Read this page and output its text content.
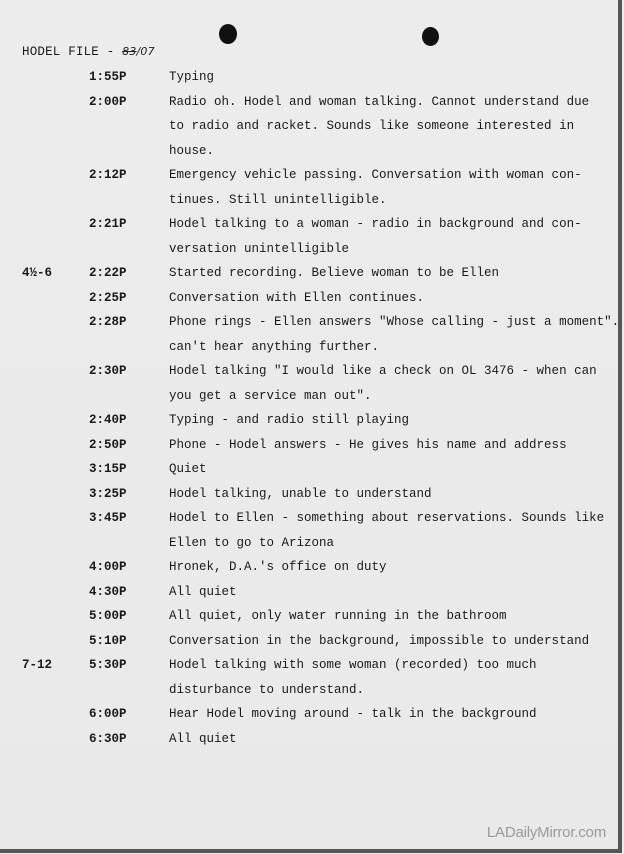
HODEL FILE - 83/07
1:55P	Typing
2:00P	Radio oh. Hodel and woman talking. Cannot understand due
to radio and racket. Sounds like someone interested in
house.
2:12P	Emergency vehicle passing. Conversation with woman con-
tinues. Still unintelligible.
2:21P	Hodel talking to a woman - radio in background and con-
versation unintelligible
4½-6	2:22P	Started recording. Believe woman to be Ellen
2:25P	Conversation with Ellen continues.
2:28P	Phone rings - Ellen answers "Whose calling - just a moment".
can't hear anything further.
2:30P	Hodel talking "I would like a check on OL 3476 - when can
you get a service man out".
2:40P	Typing - and radio still playing
2:50P	Phone - Hodel answers - He gives his name and address
3:15P	Quiet
3:25P	Hodel talking, unable to understand
3:45P	Hodel to Ellen - something about reservations. Sounds like
Ellen to go to Arizona
4:00P	Hronek, D.A.'s office on duty
4:30P	All quiet
5:00P	All quiet, only water running in the bathroom
5:10P	Conversation in the background, impossible to understand
7-12	5:30P	Hodel talking with some woman (recorded) too much
disturbance to understand.
6:00P	Hear Hodel moving around - talk in the background
6:30P	All quiet
LADailyMirror.com
